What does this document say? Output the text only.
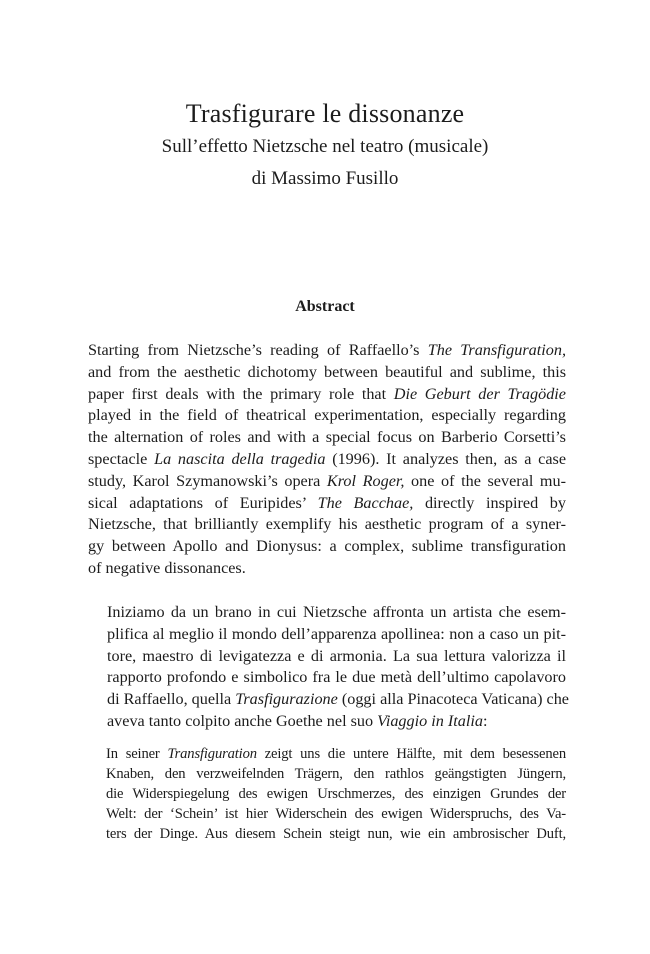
Trasfigurare le dissonanze

Sull’effetto Nietzsche nel teatro (musicale)

di Massimo Fusillo

Abstract
Starting from Nietzsche’s reading of Raffaello’s The Transfiguration,
and from the aesthetic dichotomy between beautiful and sublime, this
paper first deals with the primary role that Die Geburt der Tragödie
played in the field of theatrical experimentation, especially regarding
the alternation of roles and with a special focus on Barberio Corsetti’s
spectacle La nascita della tragedia (1996). It analyzes then, as a case
study, Karol Szymanowski’s opera Krol Roger, one of the several mu-
sical adaptations of Euripides’ The Bacchae, directly inspired by
Nietzsche, that brilliantly exemplify his aesthetic program of a syner-
gy between Apollo and Dionysus: a complex, sublime transfiguration
of negative dissonances.
Iniziamo da un brano in cui Nietzsche affronta un artista che esem-
plifica al meglio il mondo dell’apparenza apollinea: non a caso un pit-
tore, maestro di levigatezza e di armonia. La sua lettura valorizza il
rapporto profondo e simbolico fra le due metà dell’ultimo capolavoro
di Raffaello, quella Trasfigurazione (oggi alla Pinacoteca Vaticana) che
aveva tanto colpito anche Goethe nel suo Viaggio in Italia:
In seiner Transfiguration zeigt uns die untere Hälfte, mit dem besessenen
Knaben, den verzweifelnden Trägern, den rathlos geängstigten Jüngern,
die Widerspiegelung des ewigen Urschmerzes, des einzigen Grundes der
Welt: der ‘Schein’ ist hier Widerschein des ewigen Widerspruchs, des Va-
ters der Dinge. Aus diesem Schein steigt nun, wie ein ambrosischer Duft,
